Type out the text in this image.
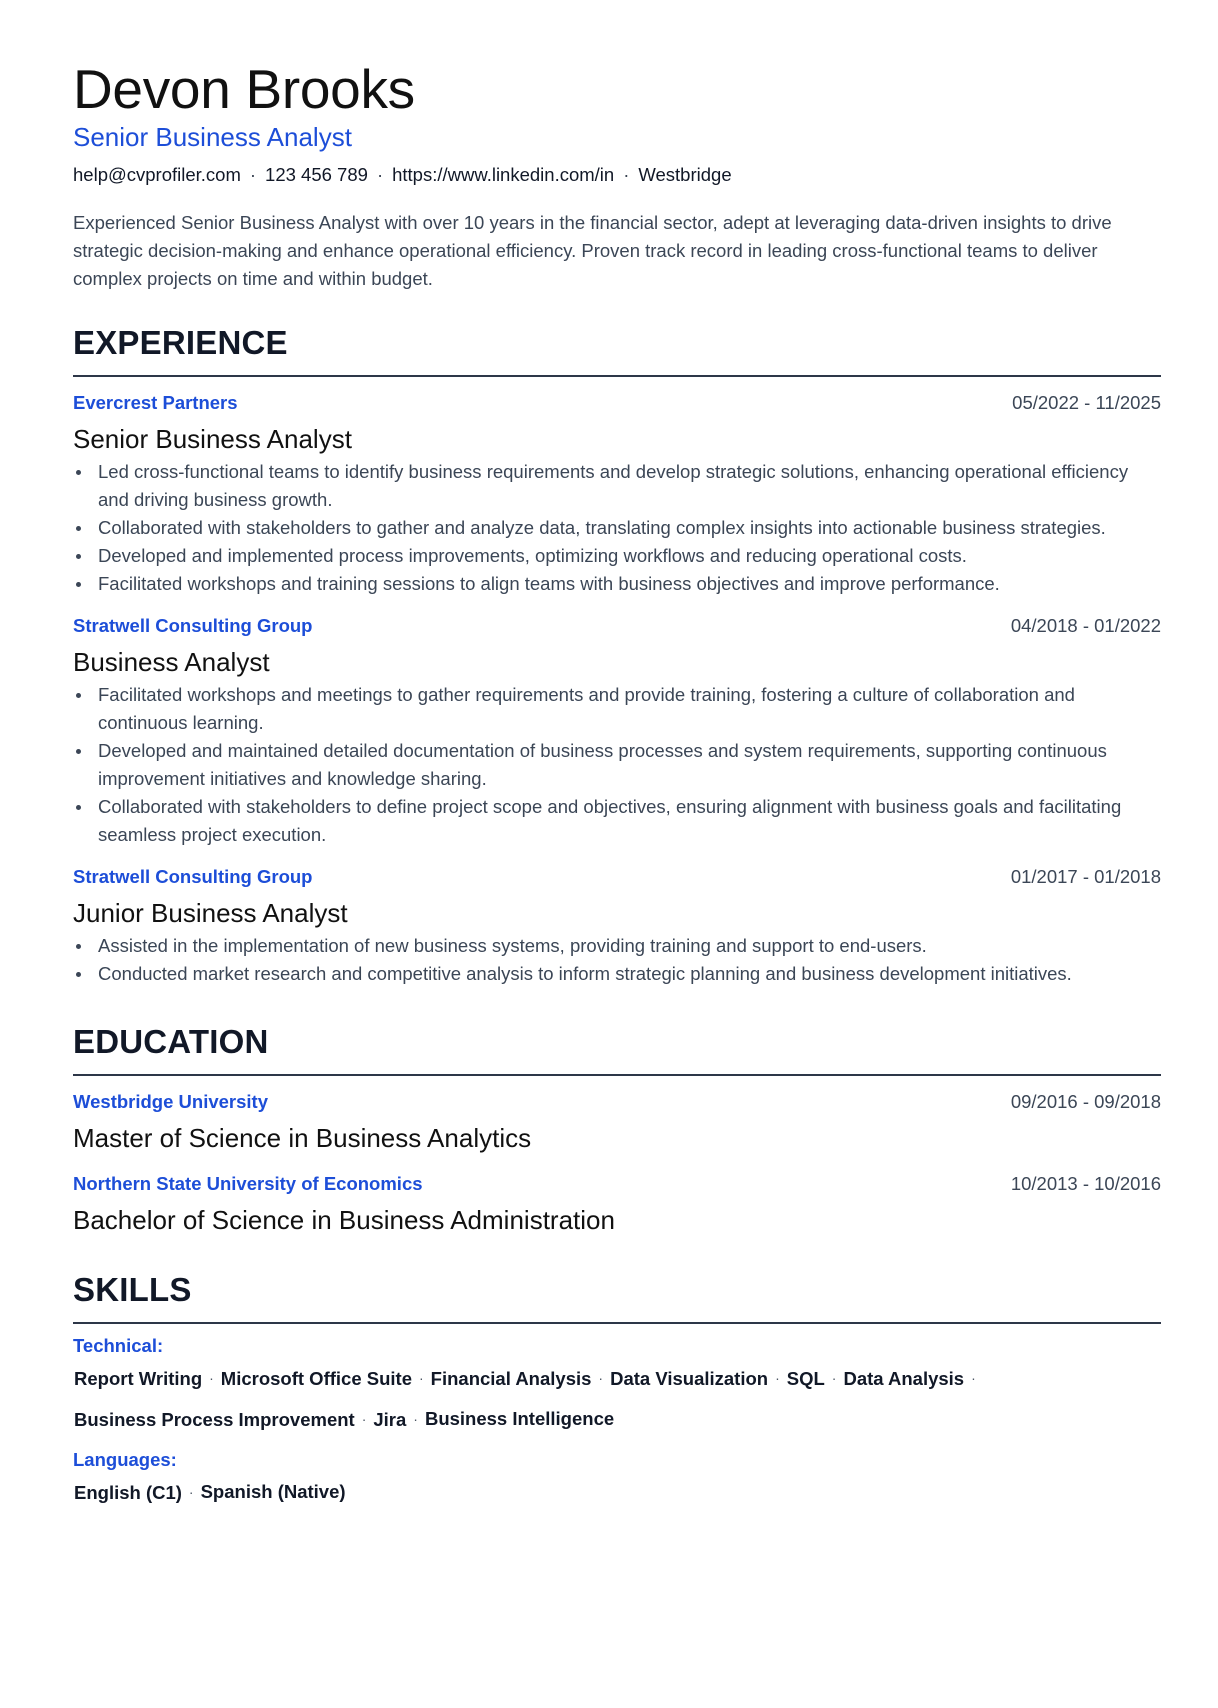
Devon Brooks
Senior Business Analyst
help@cvprofiler.com · 123 456 789 · https://www.linkedin.com/in · Westbridge

Experienced Senior Business Analyst with over 10 years in the financial sector, adept at leveraging data-driven insights to drive strategic decision-making and enhance operational efficiency. Proven track record in leading cross-functional teams to deliver complex projects on time and within budget.

EXPERIENCE
Evercrest Partners	05/2022 - 11/2025
Senior Business Analyst
Led cross-functional teams to identify business requirements and develop strategic solutions, enhancing operational efficiency and driving business growth.
Collaborated with stakeholders to gather and analyze data, translating complex insights into actionable business strategies.
Developed and implemented process improvements, optimizing workflows and reducing operational costs.
Facilitated workshops and training sessions to align teams with business objectives and improve performance.
Stratwell Consulting Group	04/2018 - 01/2022
Business Analyst
Facilitated workshops and meetings to gather requirements and provide training, fostering a culture of collaboration and continuous learning.
Developed and maintained detailed documentation of business processes and system requirements, supporting continuous improvement initiatives and knowledge sharing.
Collaborated with stakeholders to define project scope and objectives, ensuring alignment with business goals and facilitating seamless project execution.
Stratwell Consulting Group	01/2017 - 01/2018
Junior Business Analyst
Assisted in the implementation of new business systems, providing training and support to end-users.
Conducted market research and competitive analysis to inform strategic planning and business development initiatives.
EDUCATION
Westbridge University	09/2016 - 09/2018
Master of Science in Business Analytics
Northern State University of Economics	10/2013 - 10/2016
Bachelor of Science in Business Administration
SKILLS
Technical:
Report Writing · Microsoft Office Suite · Financial Analysis · Data Visualization · SQL · Data Analysis ·
Business Process Improvement · Jira · Business Intelligence
Languages:
English (C1) · Spanish (Native)
